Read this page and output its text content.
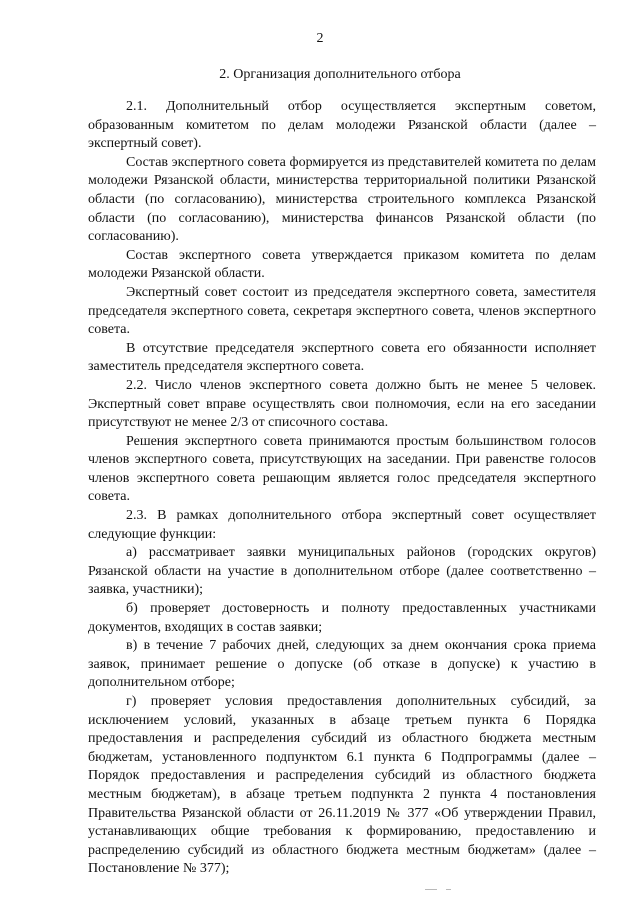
2
2. Организация дополнительного отбора

2.1. Дополнительный отбор осуществляется экспертным советом, образованным комитетом по делам молодежи Рязанской области (далее – экспертный совет).

Состав экспертного совета формируется из представителей комитета по делам молодежи Рязанской области, министерства территориальной политики Рязанской области (по согласованию), министерства строительного комплекса Рязанской области (по согласованию), министерства финансов Рязанской области (по согласованию).

Состав экспертного совета утверждается приказом комитета по делам молодежи Рязанской области.

Экспертный совет состоит из председателя экспертного совета, заместителя председателя экспертного совета, секретаря экспертного совета, членов экспертного совета.

В отсутствие председателя экспертного совета его обязанности исполняет заместитель председателя экспертного совета.

2.2. Число членов экспертного совета должно быть не менее 5 человек. Экспертный совет вправе осуществлять свои полномочия, если на его заседании присутствуют не менее 2/3 от списочного состава.

Решения экспертного совета принимаются простым большинством голосов членов экспертного совета, присутствующих на заседании. При равенстве голосов членов экспертного совета решающим является голос председателя экспертного совета.

2.3. В рамках дополнительного отбора экспертный совет осуществляет следующие функции:

а) рассматривает заявки муниципальных районов (городских округов) Рязанской области на участие в дополнительном отборе (далее соответственно – заявка, участники);

б) проверяет достоверность и полноту предоставленных участниками документов, входящих в состав заявки;

в) в течение 7 рабочих дней, следующих за днем окончания срока приема заявок, принимает решение о допуске (об отказе в допуске) к участию в дополнительном отборе;

г) проверяет условия предоставления дополнительных субсидий, за исключением условий, указанных в абзаце третьем пункта 6 Порядка предоставления и распределения субсидий из областного бюджета местным бюджетам, установленного подпунктом 6.1 пункта 6 Подпрограммы (далее – Порядок предоставления и распределения субсидий из областного бюджета местным бюджетам), в абзаце третьем подпункта 2 пункта 4 постановления Правительства Рязанской области от 26.11.2019 № 377 «Об утверждении Правил, устанавливающих общие требования к формированию, предоставлению и распределению субсидий из областного бюджета местным бюджетам» (далее – Постановление № 377);
